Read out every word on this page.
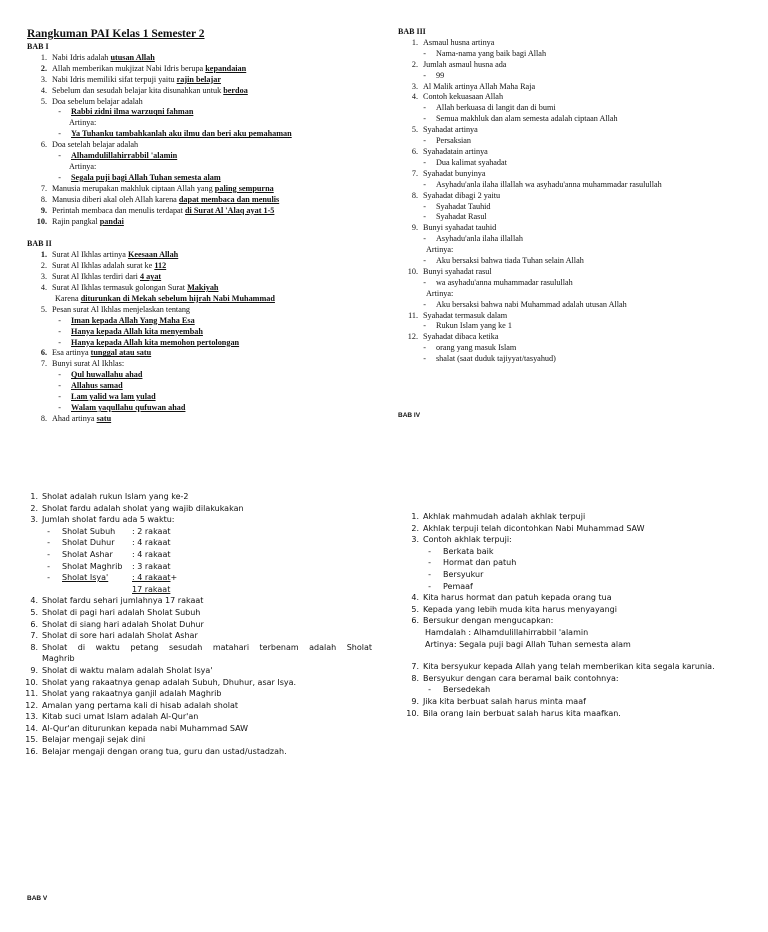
Rangkuman PAI Kelas 1 Semester 2
BAB I
1. Nabi Idris adalah utusan Allah
2. Allah memberikan mukjizat Nabi Idris berupa kepandaian
3. Nabi Idris memiliki sifat terpuji yaitu rajin belajar
4. Sebelum dan sesudah belajar kita disunahkan untuk berdoa
5. Doa sebelum belajar adalah
-	Rabbi zidni ilma warzuqni fahman
Artinya:
-	Ya Tuhanku tambahkanlah aku ilmu dan beri aku pemahaman
6. Doa setelah belajar adalah
-	Alhamdulillahirrabbil 'alamin
Artinya:
-	Segala puji bagi Allah Tuhan semesta alam
7. Manusia merupakan makhluk ciptaan Allah yang paling sempurna
8. Manusia diberi akal oleh Allah karena dapat membaca dan menulis
9. Perintah membaca dan menulis terdapat di Surat Al 'Alaq ayat 1-5
10. Rajin pangkal pandai
BAB II
1. Surat Al Ikhlas artinya Keesaan Allah
2. Surat Al Ikhlas adalah surat ke 112
3. Surat Al Ikhlas terdiri dari 4 ayat
4. Surat Al Ikhlas termasuk golongan Surat Makiyah
Karena diturunkan di Mekah sebelum hijrah Nabi Muhammad
5. Pesan surat Al Ikhlas menjelaskan tentang
-	Iman kepada Allah Yang Maha Esa
-	Hanya kepada Allah kita menyembah
-	Hanya kepada Allah kita memohon pertolongan
6. Esa artinya tunggal atau satu
7. Bunyi surat Al Ikhlas:
-	Qul huwallahu ahad
-	Allahus samad
-	Lam yalid wa lam yulad
-	Walam yaqullahu qufuwan ahad
8. Ahad artinya satu
BAB III
1. Asmaul husna artinya
-	Nama-nama yang baik bagi Allah
2. Jumlah asmaul husna ada
-	99
3. Al Malik artinya Allah Maha Raja
4. Contoh kekuasaan Allah
-	Allah berkuasa di langit dan di bumi
-	Semua makhluk dan alam semesta adalah ciptaan Allah
5. Syahadat artinya
-	Persaksian
6. Syahadatain artinya
-	Dua kalimat syahadat
7. Syahadat bunyinya
-	Asyhadu'anla ilaha illallah wa asyhadu'anna muhammadar rasulullah
8. Syahadat dibagi 2 yaitu
-	Syahadat Tauhid
-	Syahadat Rasul
9. Bunyi syahadat tauhid
-	Asyhadu'anla ilaha illallah
Artinya:
-	Aku bersaksi bahwa tiada Tuhan selain Allah
10. Bunyi syahadat rasul
-	wa asyhadu'anna muhammadar rasulullah
Artinya:
-	Aku bersaksi bahwa nabi Muhammad adalah utusan Allah
11. Syahadat termasuk dalam
-	Rukun Islam yang ke 1
12. Syahadat dibaca ketika
-	orang yang masuk Islam
-	shalat (saat duduk tajiyyat/tasyahud)
BAB IV
1. Sholat adalah rukun Islam yang ke-2
2. Sholat fardu adalah sholat yang wajib dilakukakan
3. Jumlah sholat fardu ada 5 waktu:
-	Sholat Subuh	: 2 rakaat
-	Sholat Duhur	: 4 rakaat
-	Sholat Ashar	: 4 rakaat
-	Sholat Maghrib	: 3 rakaat
-	Sholat Isya'	: 4 rakaat +
17 rakaat
4. Sholat fardu sehari jumlahnya 17 rakaat
5. Sholat di pagi hari adalah Sholat Subuh
6. Sholat di siang hari adalah Sholat Duhur
7. Sholat di sore hari adalah Sholat Ashar
8. Sholat di waktu petang sesudah matahari terbenam adalah Sholat
Maghrib
9. Sholat di waktu malam adalah Sholat Isya'
10. Sholat yang rakaatnya genap adalah Subuh, Dhuhur, asar Isya.
11. Sholat yang rakaatnya ganjil adalah Maghrib
12. Amalan yang pertama kali di hisab adalah sholat
13. Kitab suci umat Islam adalah Al-Qur'an
14. Al-Qur'an diturunkan kepada nabi Muhammad SAW
15. Belajar mengaji sejak dini
16. Belajar mengaji dengan orang tua, guru dan ustad/ustadzah.
1. Akhlak mahmudah adalah akhlak terpuji
2. Akhlak terpuji telah dicontohkan Nabi Muhammad SAW
3. Contoh akhlak terpuji:
-	Berkata baik
-	Hormat dan patuh
-	Bersyukur
-	Pemaaf
4. Kita harus hormat dan patuh kepada orang tua
5. Kepada yang lebih muda kita harus menyayangi
6. Bersukur dengan mengucapkan:
Hamdalah : Alhamdulillahirrabbil 'alamin
Artinya: Segala puji bagi Allah Tuhan semesta alam
7. Kita bersyukur kepada Allah yang telah memberikan kita segala karunia.
8. Bersyukur dengan cara beramal baik contohnya:
-	Bersedekah
9. Jika kita berbuat salah harus minta maaf
10. Bila orang lain berbuat salah harus kita maafkan.
BAB V
